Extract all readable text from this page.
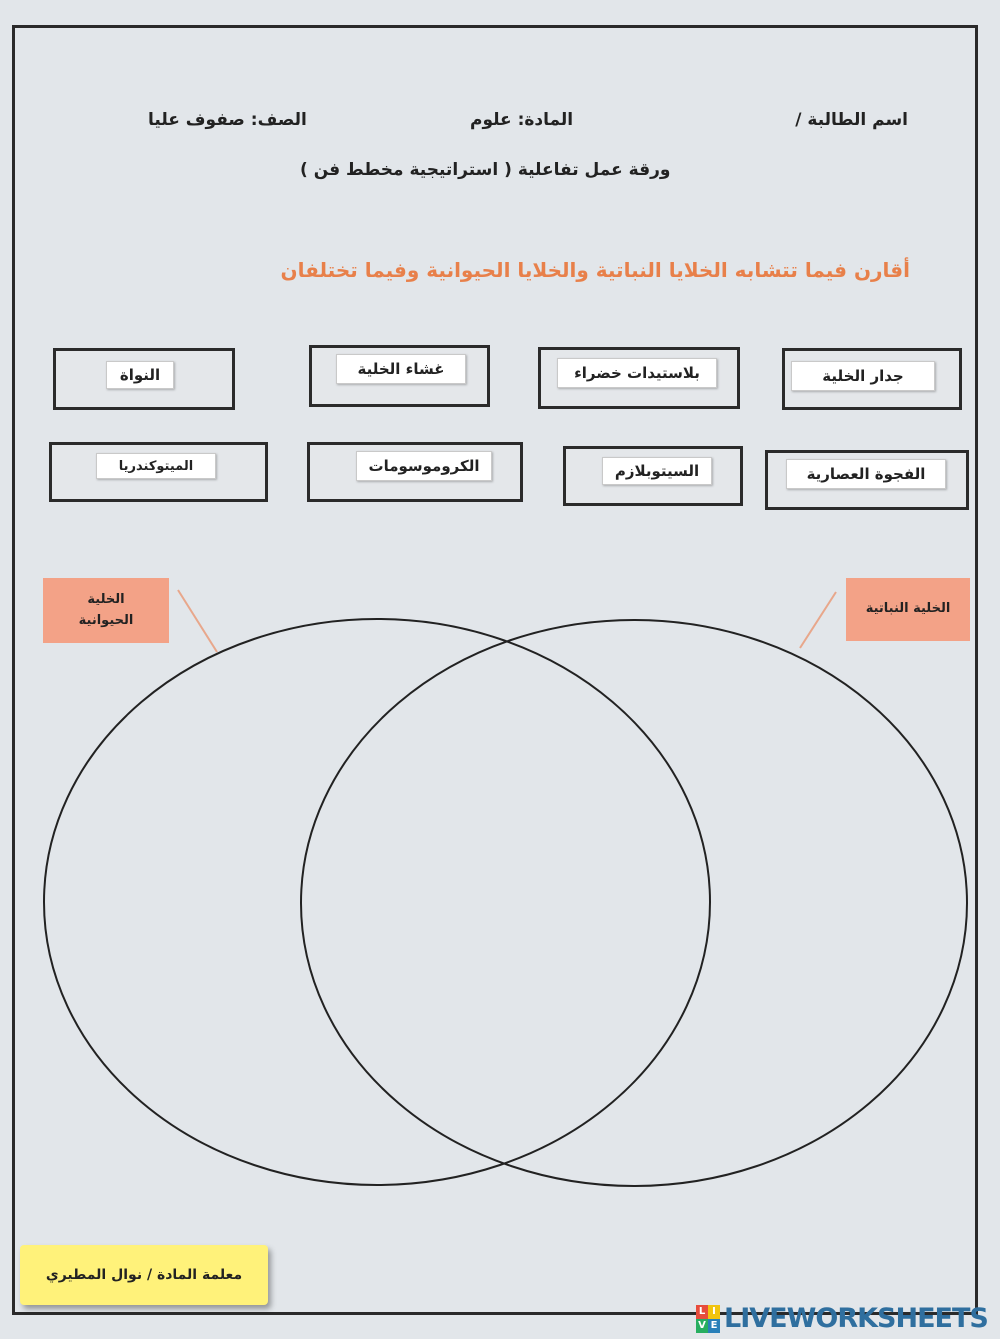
اسم الطالبة /
المادة: علوم
الصف: صفوف عليا
ورقة عمل تفاعلية ( استراتيجية مخطط فن )
أقارن فيما تتشابه الخلايا النباتية والخلايا الحيوانية وفيما تختلفان
جدار الخلية
بلاستيدات خضراء
غشاء الخلية
النواة
الفجوة العصارية
السيتوبلازم
الكروموسومات
الميتوكندريا
الخلية
الحيوانية
الخلية النباتية
معلمة المادة / نوال المطيري
L I
V E LIVEWORKSHEETS
